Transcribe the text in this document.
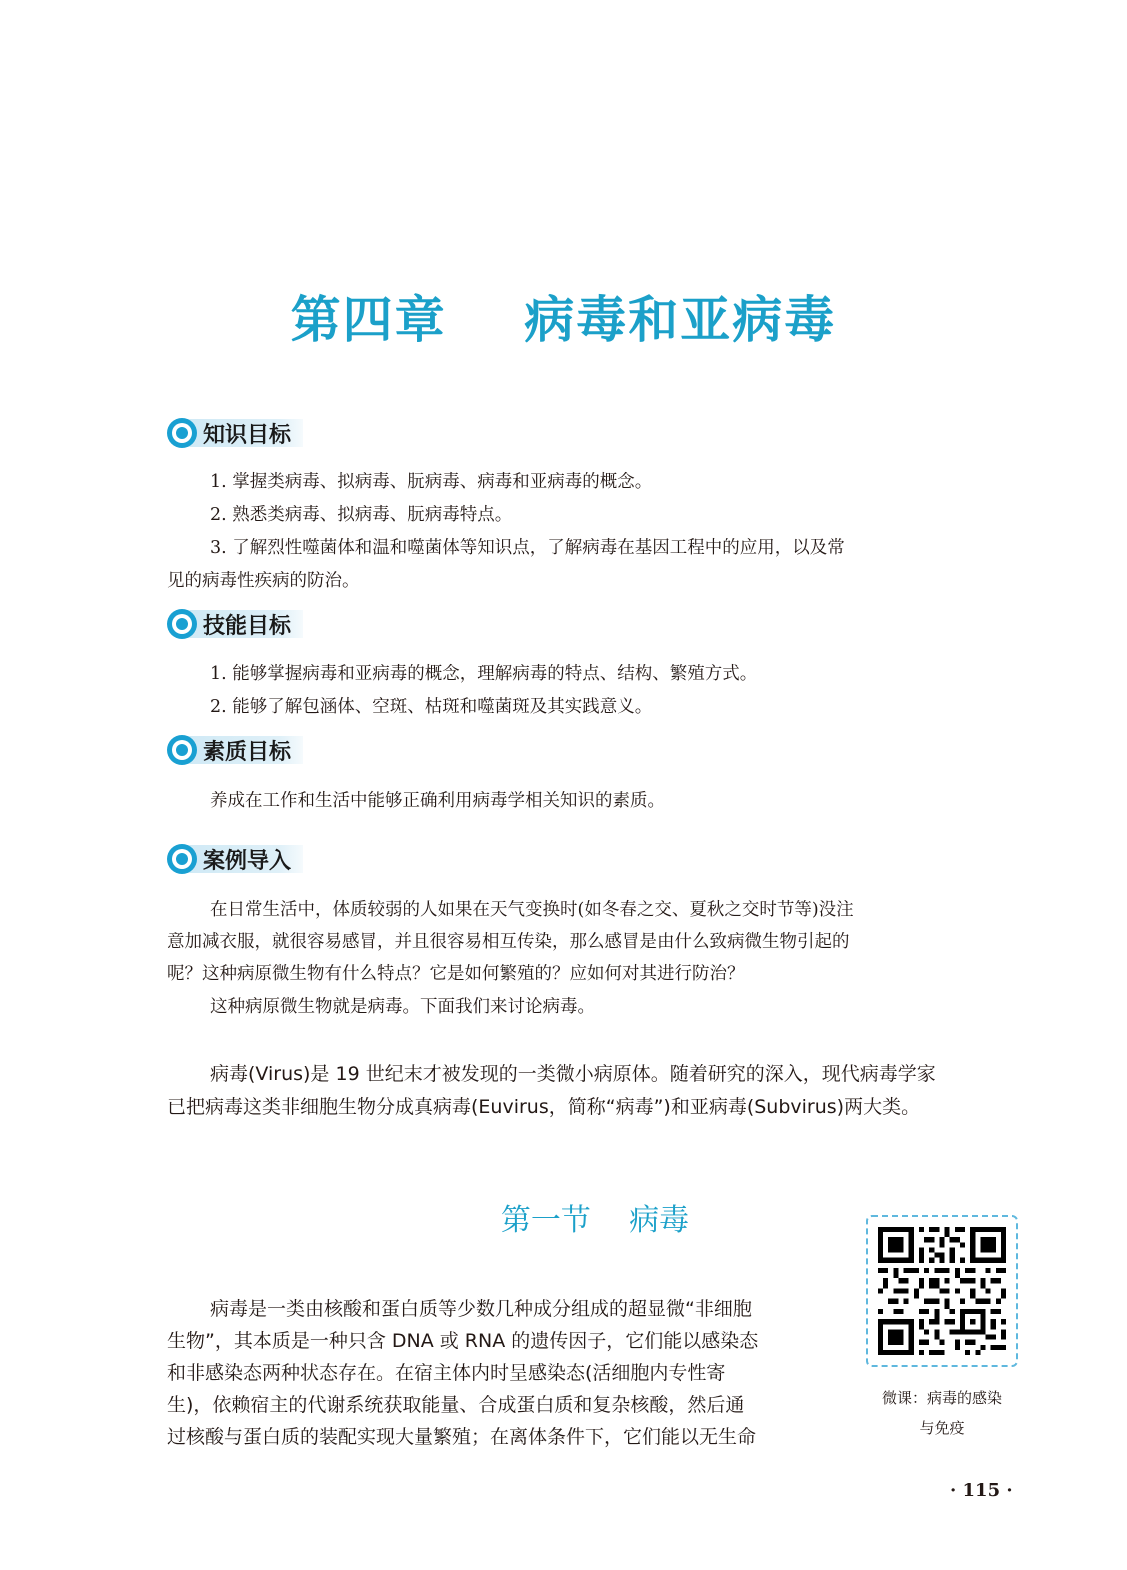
第四章    病毒和亚病毒
知识目标
1. 掌握类病毒、拟病毒、朊病毒、病毒和亚病毒的概念。
2. 熟悉类病毒、拟病毒、朊病毒特点。
3. 了解烈性噬菌体和温和噬菌体等知识点，了解病毒在基因工程中的应用，以及常
见的病毒性疾病的防治。
技能目标
1. 能够掌握病毒和亚病毒的概念，理解病毒的特点、结构、繁殖方式。
2. 能够了解包涵体、空斑、枯斑和噬菌斑及其实践意义。
素质目标
养成在工作和生活中能够正确利用病毒学相关知识的素质。
案例导入
在日常生活中，体质较弱的人如果在天气变换时(如冬春之交、夏秋之交时节等)没注
意加减衣服，就很容易感冒，并且很容易相互传染，那么感冒是由什么致病微生物引起的
呢？这种病原微生物有什么特点？它是如何繁殖的？应如何对其进行防治？
这种病原微生物就是病毒。下面我们来讨论病毒。
病毒(Virus)是 19 世纪末才被发现的一类微小病原体。随着研究的深入，现代病毒学家
已把病毒这类非细胞生物分成真病毒(Euvirus，简称“病毒”)和亚病毒(Subvirus)两大类。
第一节    病毒
病毒是一类由核酸和蛋白质等少数几种成分组成的超显微“非细胞
生物”，其本质是一种只含 DNA 或 RNA 的遗传因子，它们能以感染态
和非感染态两种状态存在。在宿主体内时呈感染态(活细胞内专性寄
生)，依赖宿主的代谢系统获取能量、合成蛋白质和复杂核酸，然后通
过核酸与蛋白质的装配实现大量繁殖；在离体条件下，它们能以无生命
微课：病毒的感染
与免疫
· 115 ·
